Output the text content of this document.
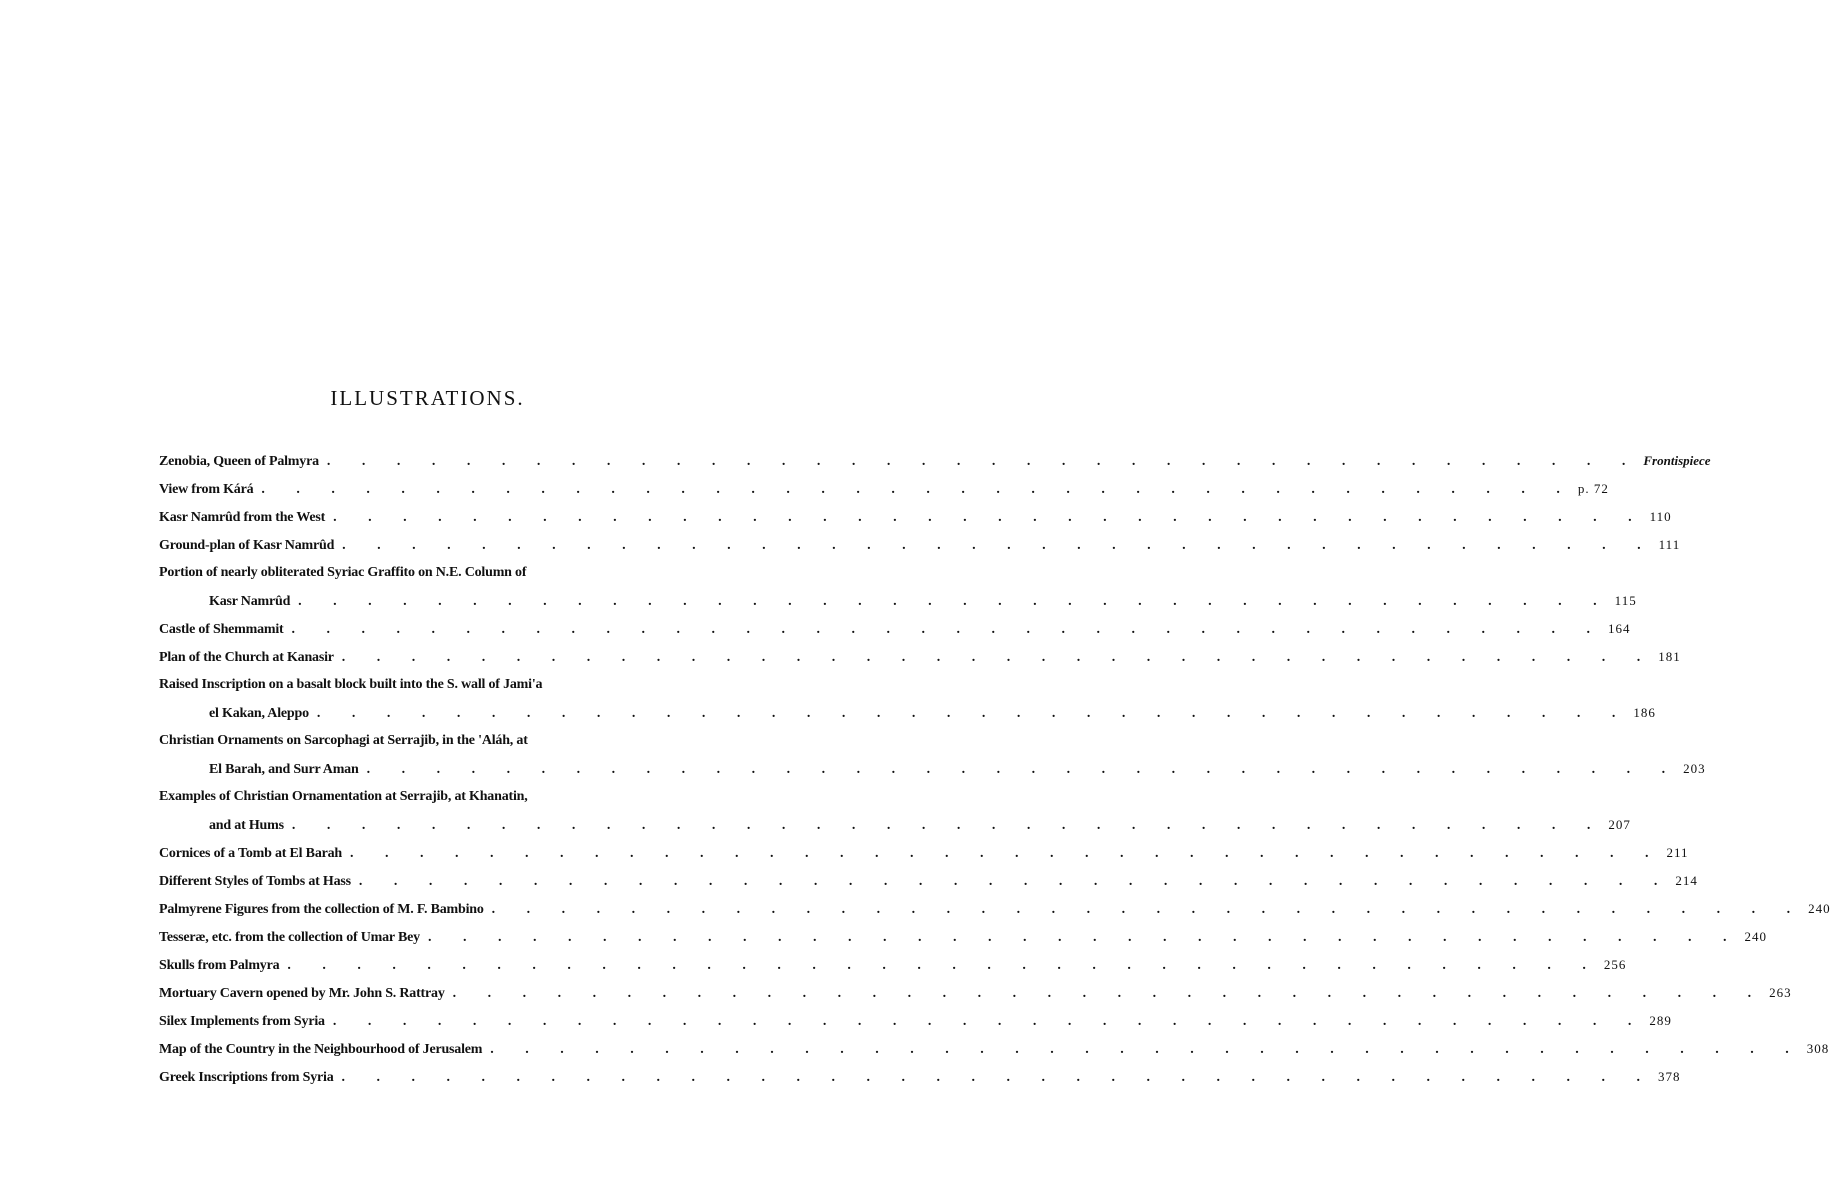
ILLUSTRATIONS.
Zenobia, Queen of Palmyra . . . . . . . . . . . . . . . . . . . . . . . . . . . . . . . . . . . . . . Frontispiece
View from Kárá . . . . . . . . . . . . . . . . . . . . . . . . . . . . . . . . . . . . . . p. 72
Kasr Namrûd from the West . . . . . . . . . . . . . . . . . . . . . . . . . . . . . . . . . . . . . . 110
Ground-plan of Kasr Namrûd . . . . . . . . . . . . . . . . . . . . . . . . . . . . . . . . . . . . . . 111
Portion of nearly obliterated Syriac Graffito on N.E. Column of
Kasr Namrûd . . . . . . . . . . . . . . . . . . . . . . . . . . . . . . . . . . . . . . 115
Castle of Shemmamit . . . . . . . . . . . . . . . . . . . . . . . . . . . . . . . . . . . . . . 164
Plan of the Church at Kanasir . . . . . . . . . . . . . . . . . . . . . . . . . . . . . . . . . . . . . . 181
Raised Inscription on a basalt block built into the S. wall of Jami'a
el Kakan, Aleppo . . . . . . . . . . . . . . . . . . . . . . . . . . . . . . . . . . . . . . 186
Christian Ornaments on Sarcophagi at Serrajib, in the 'Aláh, at
El Barah, and Surr Aman . . . . . . . . . . . . . . . . . . . . . . . . . . . . . . . . . . . . . . 203
Examples of Christian Ornamentation at Serrajib, at Khanatin,
and at Hums . . . . . . . . . . . . . . . . . . . . . . . . . . . . . . . . . . . . . . 207
Cornices of a Tomb at El Barah . . . . . . . . . . . . . . . . . . . . . . . . . . . . . . . . . . . . . . 211
Different Styles of Tombs at Hass . . . . . . . . . . . . . . . . . . . . . . . . . . . . . . . . . . . . . . 214
Palmyrene Figures from the collection of M. F. Bambino . . . . . . . . . . . . . . . . . . . . . . . . . . . . . . . . . . . . . . 240
Tesseræ, etc. from the collection of Umar Bey . . . . . . . . . . . . . . . . . . . . . . . . . . . . . . . . . . . . . . 240
Skulls from Palmyra . . . . . . . . . . . . . . . . . . . . . . . . . . . . . . . . . . . . . . 256
Mortuary Cavern opened by Mr. John S. Rattray . . . . . . . . . . . . . . . . . . . . . . . . . . . . . . . . . . . . . . 263
Silex Implements from Syria . . . . . . . . . . . . . . . . . . . . . . . . . . . . . . . . . . . . . . 289
Map of the Country in the Neighbourhood of Jerusalem . . . . . . . . . . . . . . . . . . . . . . . . . . . . . . . . . . . . . . 308
Greek Inscriptions from Syria . . . . . . . . . . . . . . . . . . . . . . . . . . . . . . . . . . . . . . 378
